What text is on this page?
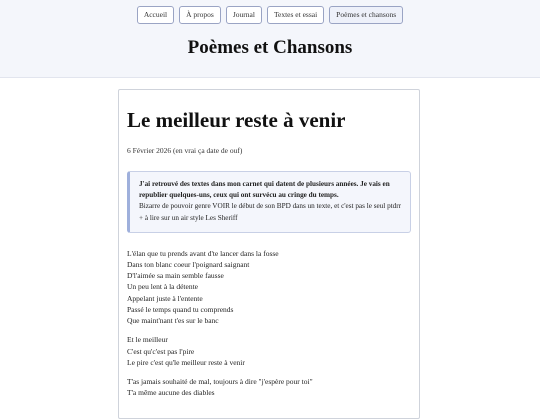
Accueil	À propos	Journal	Textes et essai	Poèmes et chansons
Poèmes et Chansons
Le meilleur reste à venir
6 Février 2026 (en vrai ça date de ouf)
J'ai retrouvé des textes dans mon carnet qui datent de plusieurs années. Je vais en republier quelques-uns, ceux qui ont survécu au cringe du temps.
Bizarre de pouvoir genre VOIR le début de son BPD dans un texte, et c'est pas le seul ptdrr + à lire sur un air style Les Sheriff
L'élan que tu prends avant d'te lancer dans la fosse
Dans ton blanc coeur l'poignard saignant
D'l'aimée sa main semble fausse
Un peu lent à la détente
Appelant juste à l'entente
Passé le temps quand tu comprends
Que maint'nant t'es sur le banc
Et le meilleur
C'est qu'c'est pas l'pire
Le pire c'est qu'le meilleur reste à venir
T'as jamais souhaité de mal, toujours à dire "j'espère pour toi"
T'a même aucune des diables
